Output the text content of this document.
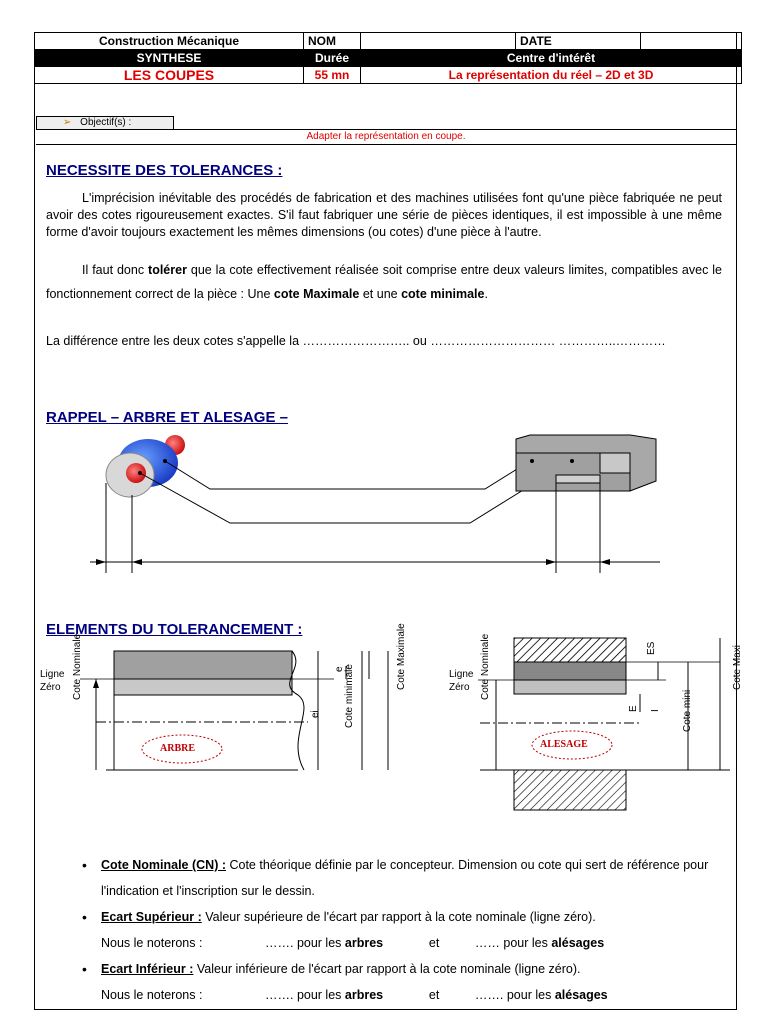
Construction Mécanique	NOM		DATE	
SYNTHESE	Durée	Centre d'intérêt		
LES COUPES	55 mn	La représentation du réel – 2D et 3D		
➢ Objectif(s) :
Adapter la représentation en coupe.
NECESSITE DES TOLERANCES :
L'imprécision inévitable des procédés de fabrication et des machines utilisées font qu'une pièce fabriquée ne peut avoir des cotes rigoureusement exactes. S'il faut fabriquer une série de pièces identiques, il est impossible à une même forme d'avoir toujours exactement les mêmes dimensions (ou cotes) d'une pièce à l'autre.
Il faut donc tolérer que la cote effectivement réalisée soit comprise entre deux valeurs limites, compatibles avec le fonctionnement correct de la pièce : Une cote Maximale et une cote minimale.
La différence entre les deux cotes s'appelle la …………………….. ou ………………………… …………..…………
RAPPEL – ARBRE ET ALESAGE –
ELEMENTS DU TOLERANCEMENT :
Ligne
Zéro	Cote Nominale	e Cote minimale
ei
Cote Maximale
ARBRE
Ligne
Zéro	Cote Nominale	ES
E I Cote mini
Cote Maxi
ALESAGE
• Cote Nominale (CN) : Cote théorique définie par le concepteur. Dimension ou cote qui sert de référence pour l'indication et l'inscription sur le dessin.
• Ecart Supérieur : Valeur supérieure de l'écart par rapport à la cote nominale (ligne zéro).
Nous le noterons :	……. pour les arbres	et	…… pour les alésages
• Ecart Inférieur : Valeur inférieure de l'écart par rapport à la cote nominale (ligne zéro).
Nous le noterons :	……. pour les arbres	et	……. pour les alésages
